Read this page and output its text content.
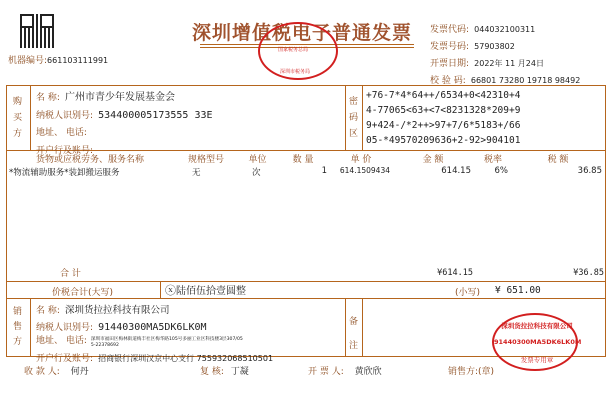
机器编号:661103111991
深圳增值税电子普通发票
国家税务总局
深圳市税务局
发票代码: 044032100311
发票号码: 57903802
开票日期: 2022年 11 月24日
校 验 码: 66801 73280 19718 98492
购
买
方
名 称: 广州市青少年发展基金会
纳税人识别号: 534400005173555 33E
地址、 电话:
开户行及账号:
密
码
区
+76-7*4*64++/6534+0<42310+4
4-77065<63+<7<8231328*209+9
9+424-/*2++>97+7/6*5183+/66
05-*49570209636+2-92>904101
货物或应税劳务、服务名称	规格型号	单位	数 量	单 价	金 额	税率	税 额
*物流辅助服务*装卸搬运服务	无	次	1	614.1509434	614.15	6%	36.85
合 计	¥614.15	¥36.85
价税合计(大写)	ⓧ陆佰伍拾壹圆整	(小写) ¥ 651.00
销
售
方
名 称: 深圳货拉拉科技有限公司
纳税人识别号: 91440300MA5DK6LK0M
地址、 电话: 深圳市福田区梅林街道梅丰社区梅华路105号多丽工业区科技楼3层307/05
5-22378692
开户行及账号: 招商银行深圳汉京中心支行 755932068510501
备
注
深圳货拉拉科技有限公司
91440300MA5DK6LK0M
发票专用章
收 款 人: 何丹	复 核: 丁凝	开 票 人: 黄欣欣	销售方:(章)
